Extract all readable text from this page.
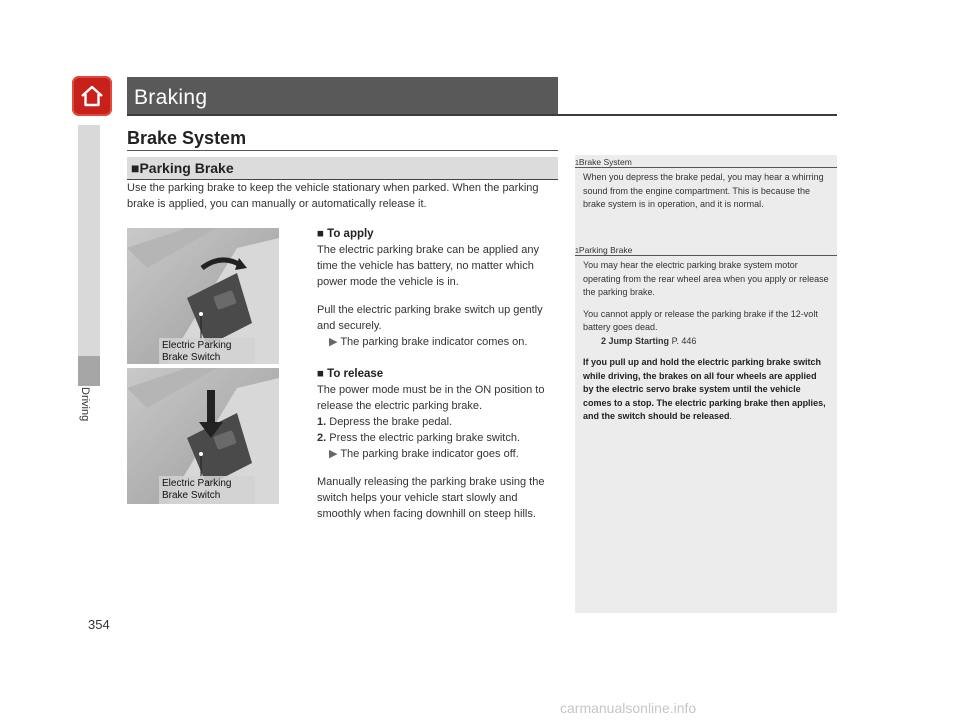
Braking
Driving
Brake System
■Parking Brake
Use the parking brake to keep the vehicle stationary when parked. When the parking brake is applied, you can manually or automatically release it.
Electric Parking
Brake Switch
Electric Parking
Brake Switch
■ To apply
The electric parking brake can be applied any time the vehicle has battery, no matter which power mode the vehicle is in.
Pull the electric parking brake switch up gently and securely.
▶ The parking brake indicator comes on.
■ To release
The power mode must be in the ON position to release the electric parking brake.
1. Depress the brake pedal.
2. Press the electric parking brake switch.
▶ The parking brake indicator goes off.
Manually releasing the parking brake using the switch helps your vehicle start slowly and smoothly when facing downhill on steep hills.
1Brake System
When you depress the brake pedal, you may hear a whirring sound from the engine compartment. This is because the brake system is in operation, and it is normal.
1Parking Brake
You may hear the electric parking brake system motor operating from the rear wheel area when you apply or release the parking brake.
You cannot apply or release the parking brake if the 12-volt battery goes dead.
2 Jump Starting P. 446
If you pull up and hold the electric parking brake switch while driving, the brakes on all four wheels are applied by the electric servo brake system until the vehicle comes to a stop. The electric parking brake then applies, and the switch should be released.
354
carmanualsonline.info
